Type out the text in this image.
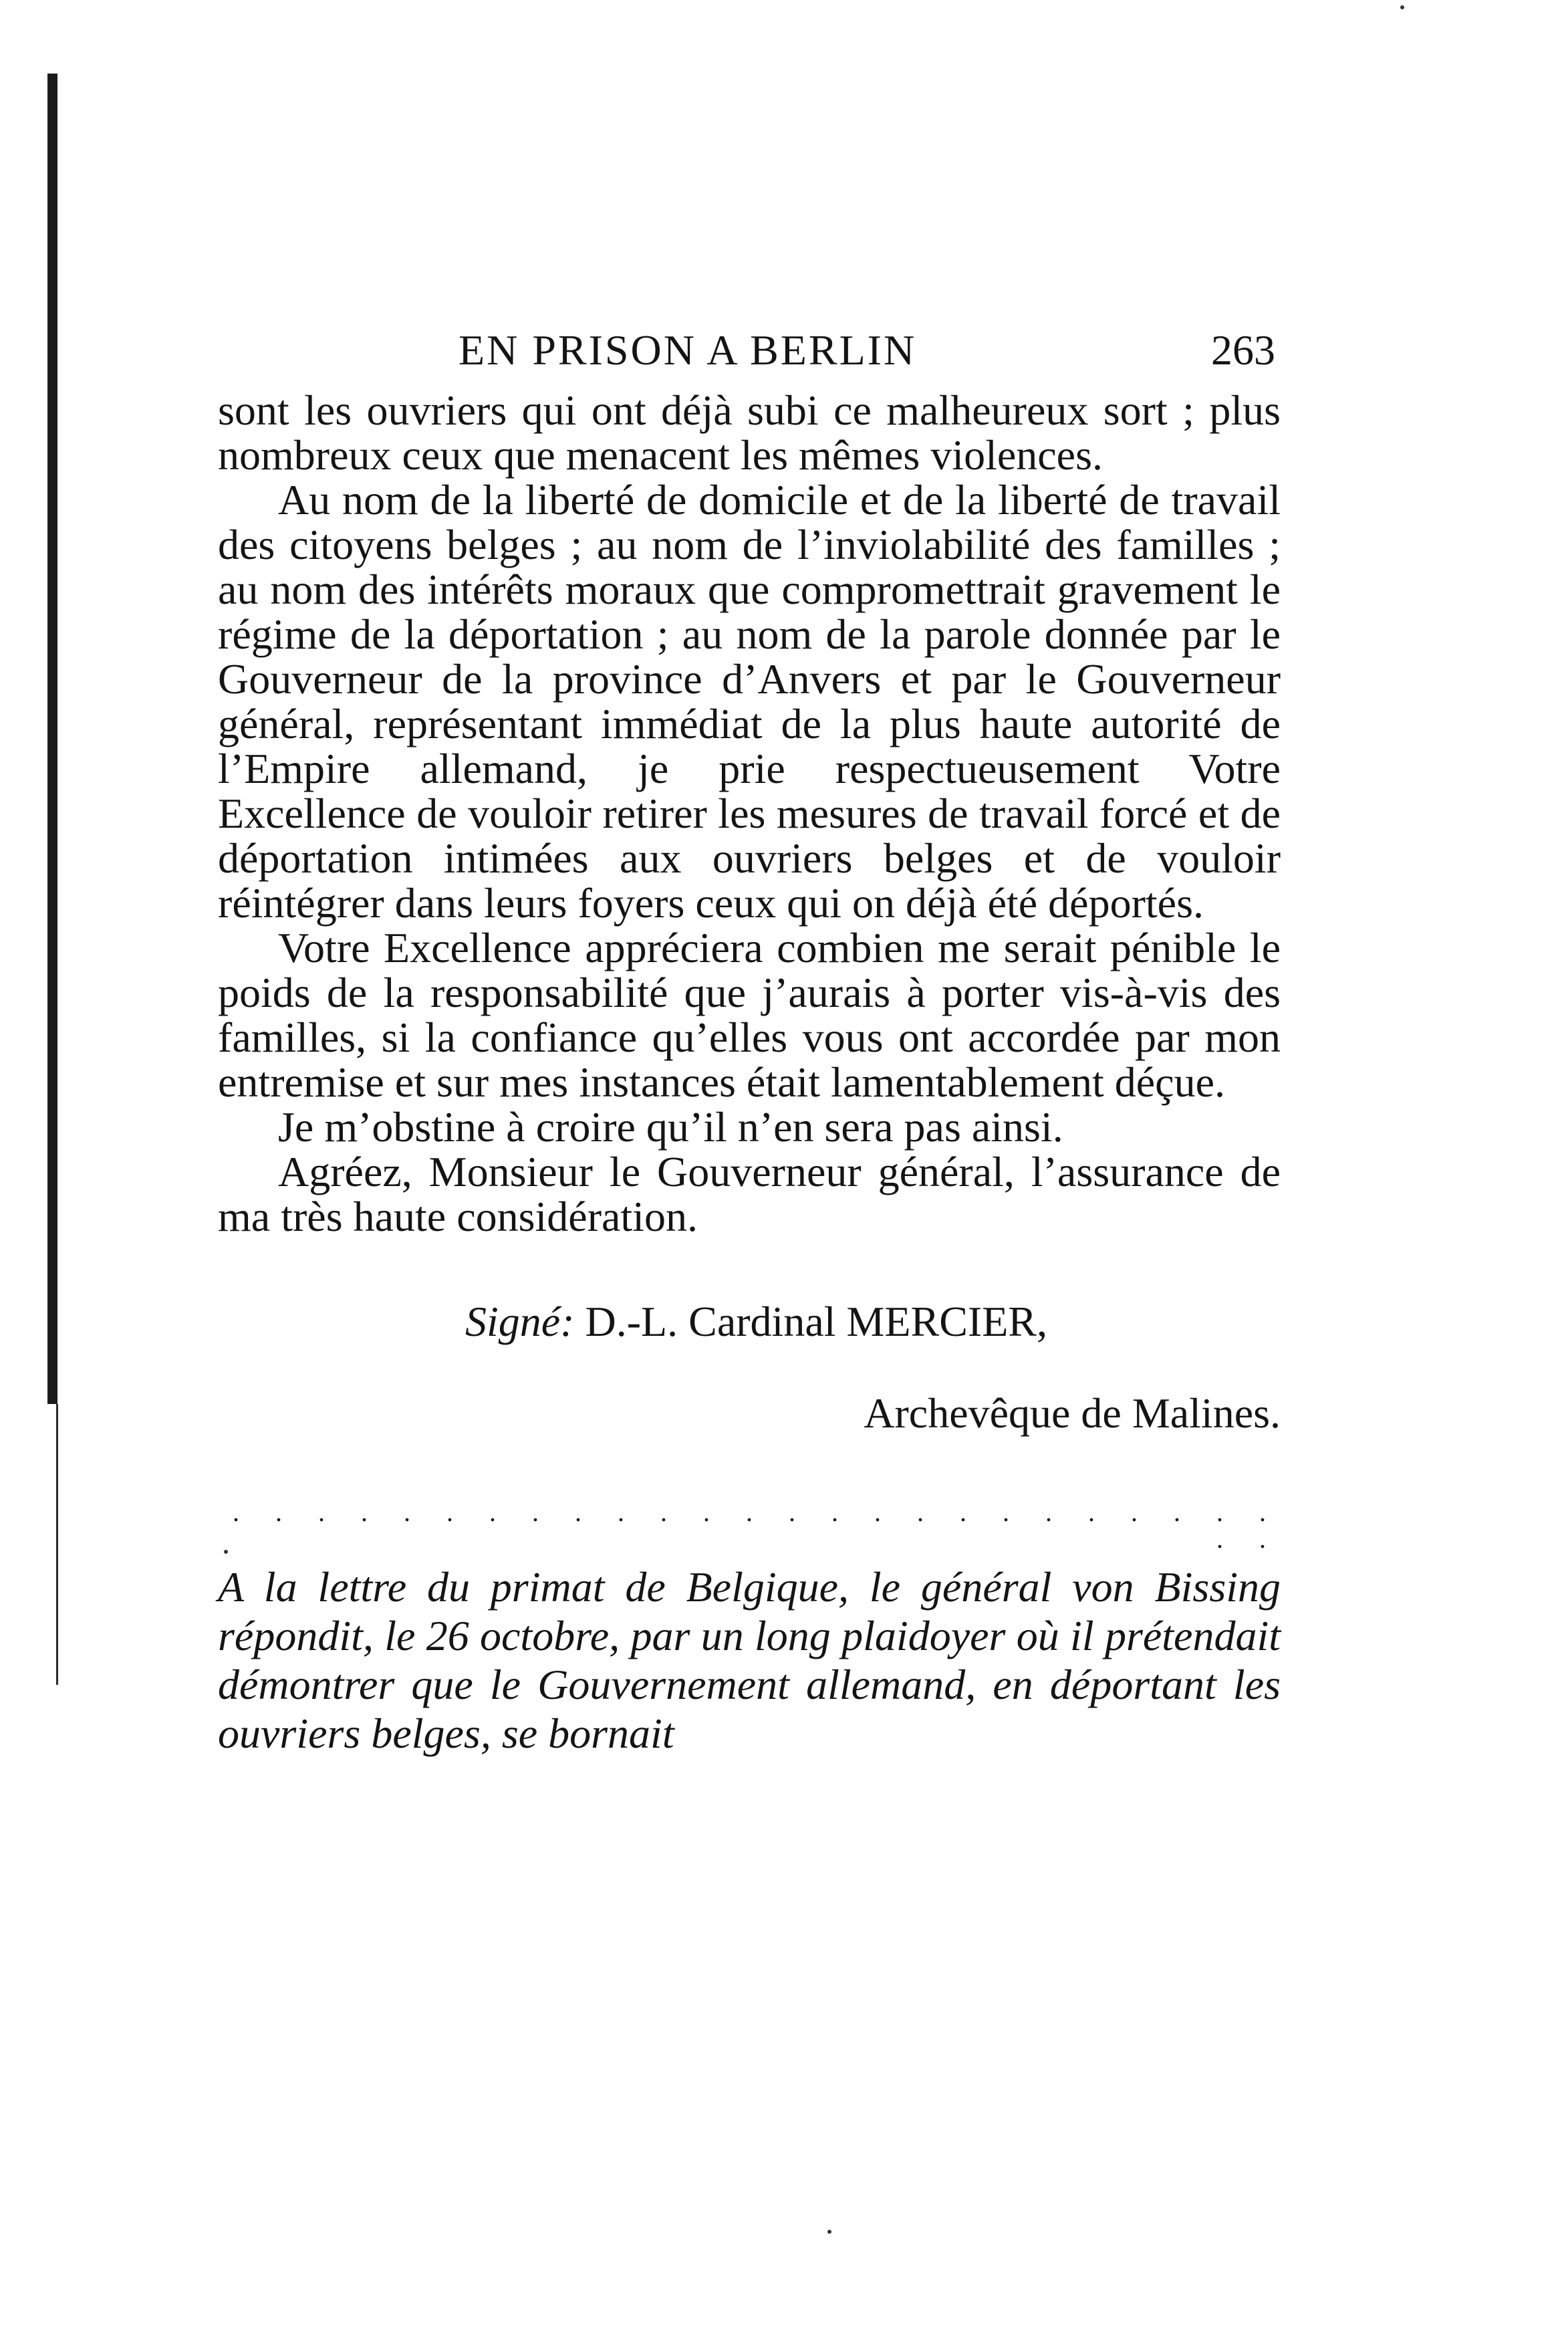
EN PRISON A BERLIN	263

sont les ouvriers qui ont déjà subi ce malheureux sort ; plus nombreux ceux que menacent les mêmes violences.

Au nom de la liberté de domicile et de la liberté de travail des citoyens belges ; au nom de l’inviolabilité des familles ; au nom des intérêts moraux que compromettrait gravement le régime de la déportation ; au nom de la parole donnée par le Gouverneur de la province d’Anvers et par le Gouverneur général, représentant immédiat de la plus haute autorité de l’Empire allemand, je prie respectueusement Votre Excellence de vouloir retirer les mesures de travail forcé et de déportation intimées aux ouvriers belges et de vouloir réintégrer dans leurs foyers ceux qui on déjà été déportés.

Votre Excellence appréciera combien me serait pénible le poids de la responsabilité que j’aurais à porter vis-à-vis des familles, si la confiance qu’elles vous ont accordée par mon entremise et sur mes instances était lamentablement déçue.

Je m’obstine à croire qu’il n’en sera pas ainsi.

Agréez, Monsieur le Gouverneur général, l’assurance de ma très haute considération.

Signé: D.-L. Cardinal MERCIER,
Archevêque de Malines.
. . . . . . . . . . . . . . . . . . . . . . . . . . .

A la lettre du primat de Belgique, le général von Bissing répondit, le 26 octobre, par un long plaidoyer où il prétendait démontrer que le Gouvernement allemand, en déportant les ouvriers belges, se bornait
